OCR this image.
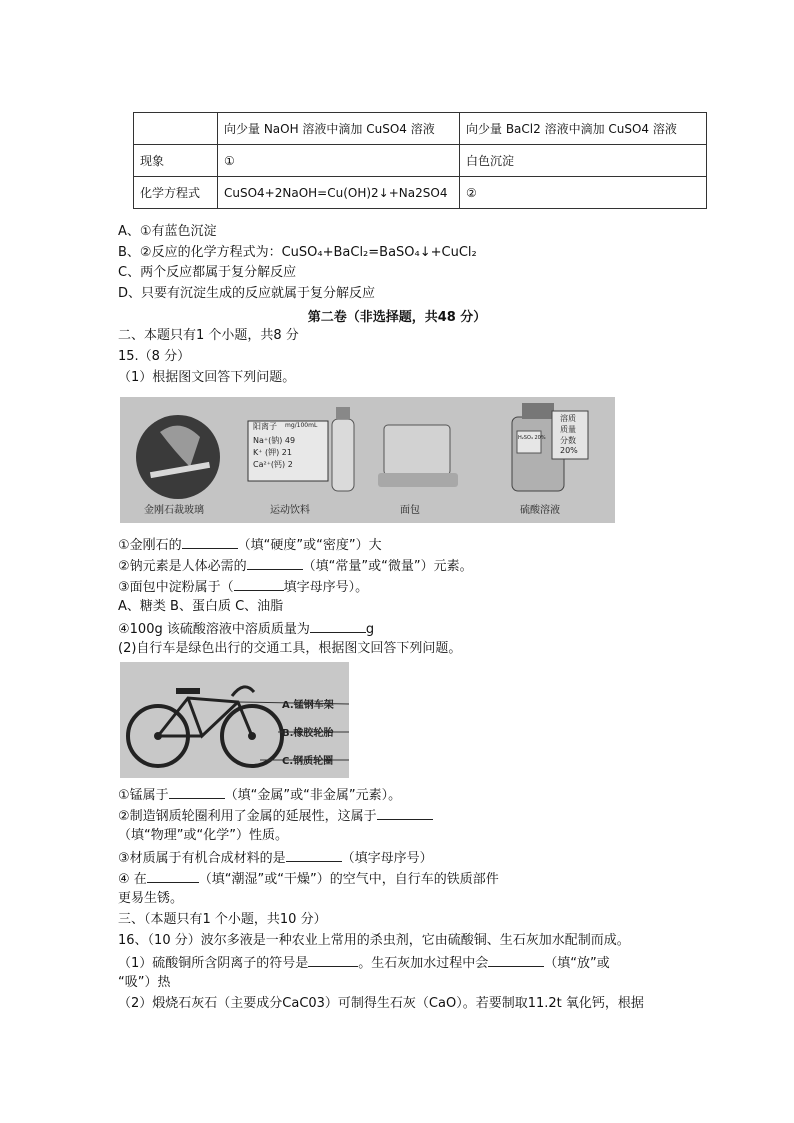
	向少量 NaOH 溶液中滴加 CuSO4 溶液	向少量 BaCl2 溶液中滴加 CuSO4 溶液
现象	①	白色沉淀
化学方程式	CuSO4+2NaOH=Cu(OH)2↓+Na2SO4	②
A、①有蓝色沉淀
B、②反应的化学方程式为：CuSO₄+BaCl₂=BaSO₄↓+CuCl₂
C、两个反应都属于复分解反应
D、只要有沉淀生成的反应就属于复分解反应
第二卷（非选择题，共48 分）
二、本题只有1 个小题，共8 分
15.（8 分）
（1）根据图文回答下列问题。
阳离子 mg/100mL
Na⁺(钠) 49
K⁺ (钾) 21
Ca²⁺(钙) 2
H₂SO₄ 20%
溶质
质量
分数
20%
金刚石裁玻璃	运动饮料	面包	硫酸溶液
①金刚石的	（填“硬度”或“密度”）大
②钠元素是人体必需的	（填“常量”或“微量”）元素。
③面包中淀粉属于（	填字母序号）。
A、糖类 B、蛋白质 C、油脂
④100g 该硫酸溶液中溶质质量为	g
(2)自行车是绿色出行的交通工具，根据图文回答下列问题。
A.锰钢车架
B.橡胶轮胎
C.钢质轮圈
①锰属于	（填“金属”或“非金属”元素）。
②制造钢质轮圈利用了金属的延展性，这属于
（填“物理”或“化学”）性质。
③材质属于有机合成材料的是	（填字母序号）
④ 在	（填“潮湿”或“干燥”）的空气中，自行车的铁质部件
更易生锈。
三、（本题只有1 个小题，共10 分）
16、（10 分）波尔多液是一种农业上常用的杀虫剂，它由硫酸铜、生石灰加水配制而成。
（1）硫酸铜所含阴离子的符号是	。生石灰加水过程中会	（填“放”或
“吸”）热
（2）煅烧石灰石（主要成分CaC03）可制得生石灰（CaO）。若要制取11.2t 氧化钙，根据
